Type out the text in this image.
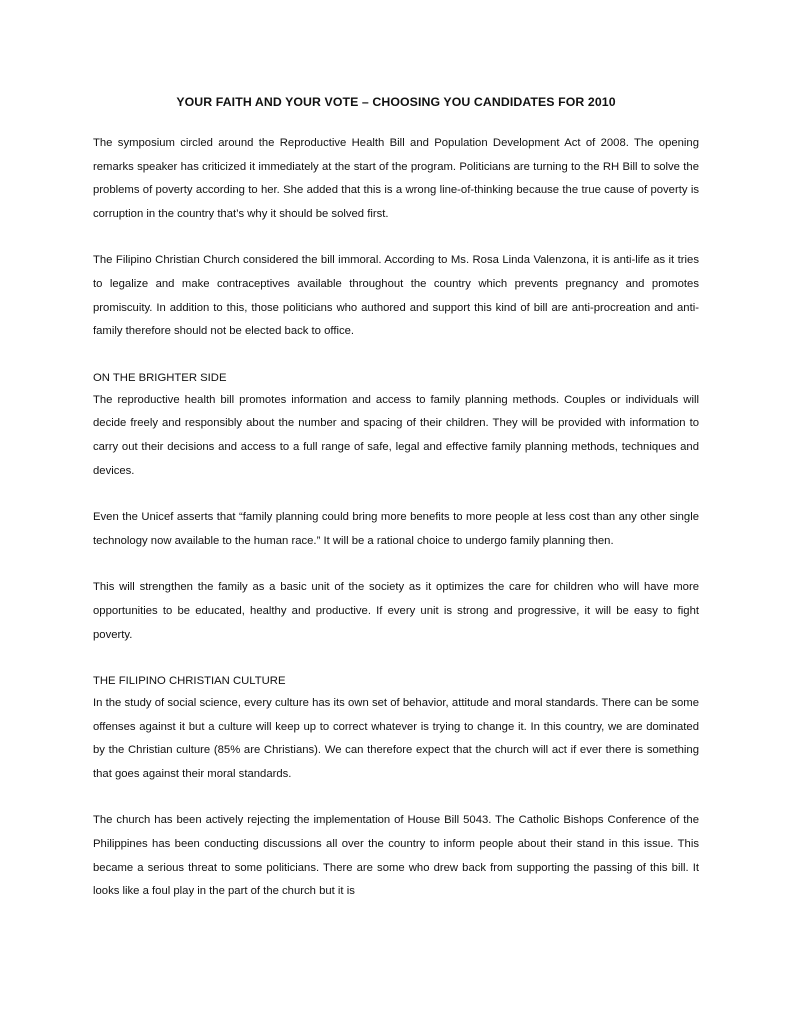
YOUR FAITH AND YOUR VOTE – CHOOSING YOU CANDIDATES FOR 2010

The symposium circled around the Reproductive Health Bill and Population Development Act of 2008. The opening remarks speaker has criticized it immediately at the start of the program. Politicians are turning to the RH Bill to solve the problems of poverty according to her. She added that this is a wrong line-of-thinking because the true cause of poverty is corruption in the country that’s why it should be solved first.

The Filipino Christian Church considered the bill immoral. According to Ms. Rosa Linda Valenzona, it is anti-life as it tries to legalize and make contraceptives available throughout the country which prevents pregnancy and promotes promiscuity. In addition to this, those politicians who authored and support this kind of bill are anti-procreation and anti-family therefore should not be elected back to office.

ON THE BRIGHTER SIDE

The reproductive health bill promotes information and access to family planning methods. Couples or individuals will decide freely and responsibly about the number and spacing of their children. They will be provided with information to carry out their decisions and access to a full range of safe, legal and effective family planning methods, techniques and devices.

Even the Unicef asserts that “family planning could bring more benefits to more people at less cost than any other single technology now available to the human race.” It will be a rational choice to undergo family planning then.

This will strengthen the family as a basic unit of the society as it optimizes the care for children who will have more opportunities to be educated, healthy and productive. If every unit is strong and progressive, it will be easy to fight poverty.

THE FILIPINO CHRISTIAN CULTURE

In the study of social science, every culture has its own set of behavior, attitude and moral standards. There can be some offenses against it but a culture will keep up to correct whatever is trying to change it. In this country, we are dominated by the Christian culture (85% are Christians). We can therefore expect that the church will act if ever there is something that goes against their moral standards.

The church has been actively rejecting the implementation of House Bill 5043. The Catholic Bishops Conference of the Philippines has been conducting discussions all over the country to inform people about their stand in this issue. This became a serious threat to some politicians. There are some who drew back from supporting the passing of this bill. It looks like a foul play in the part of the church but it is
